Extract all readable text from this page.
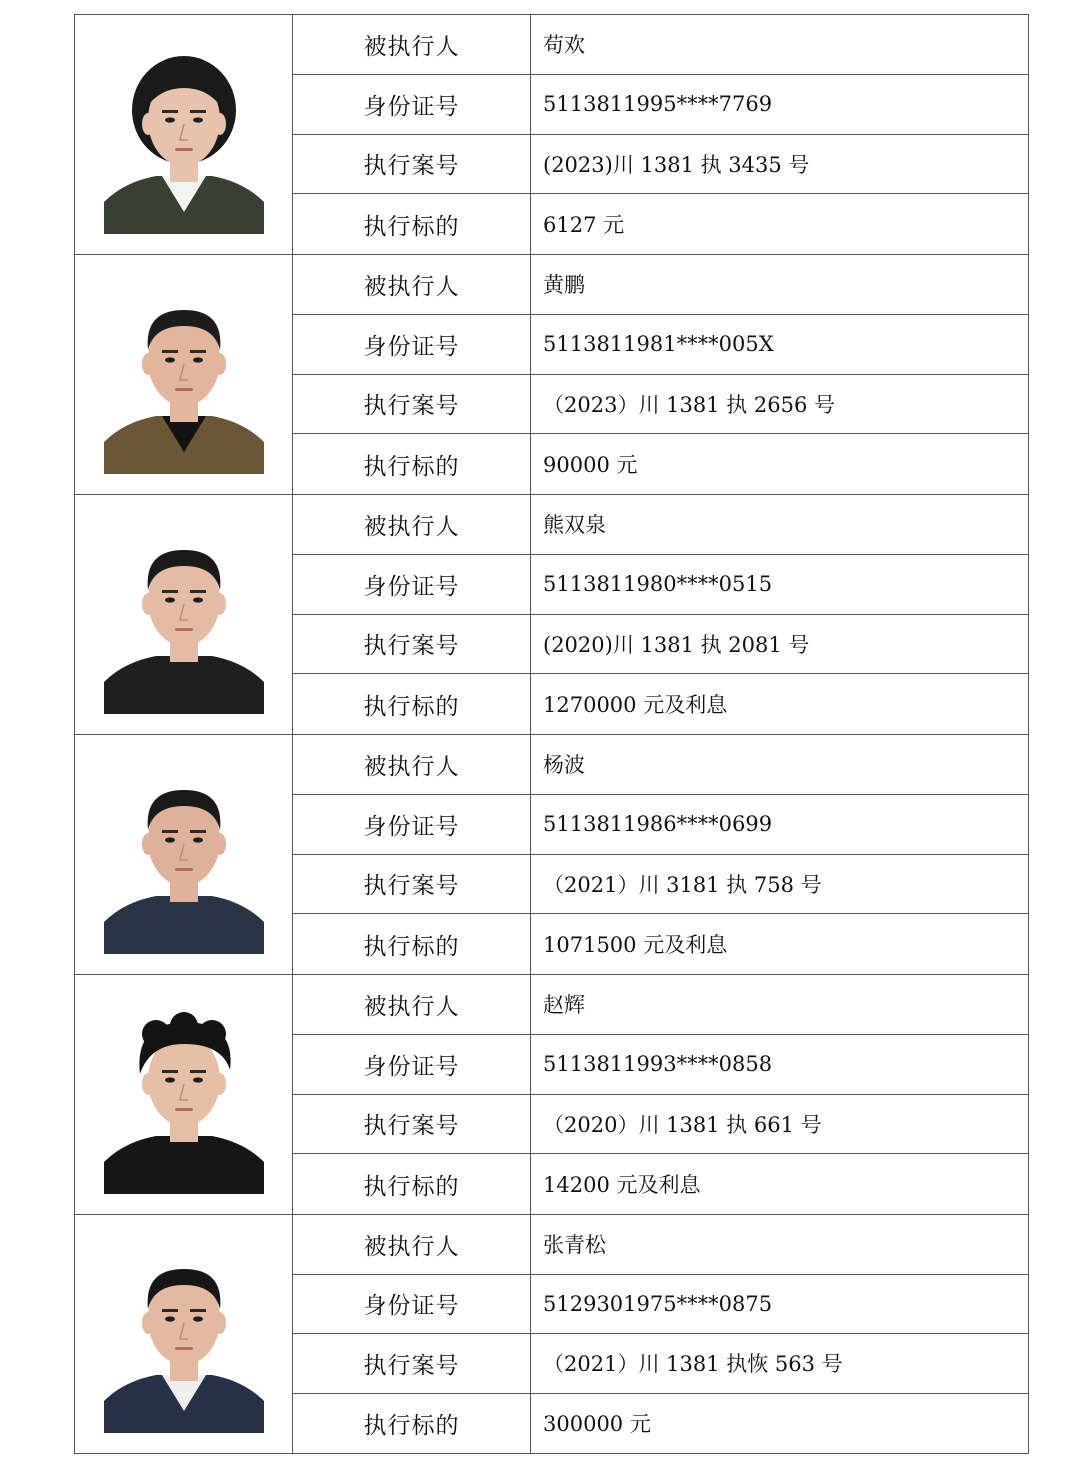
被执行人	苟欢
身份证号	5113811995****7769
执行案号	(2023)川 1381 执 3435 号
执行标的	6127 元
被执行人	黄鹏
身份证号	5113811981****005X
执行案号	（2023）川 1381 执 2656 号
执行标的	90000 元
被执行人	熊双泉
身份证号	5113811980****0515
执行案号	(2020)川 1381 执 2081 号
执行标的	1270000 元及利息
被执行人	杨波
身份证号	5113811986****0699
执行案号	（2021）川 3181 执 758 号
执行标的	1071500 元及利息
被执行人	赵辉
身份证号	5113811993****0858
执行案号	（2020）川 1381 执 661 号
执行标的	14200 元及利息
被执行人	张青松
身份证号	5129301975****0875
执行案号	（2021）川 1381 执恢 563 号
执行标的	300000 元
